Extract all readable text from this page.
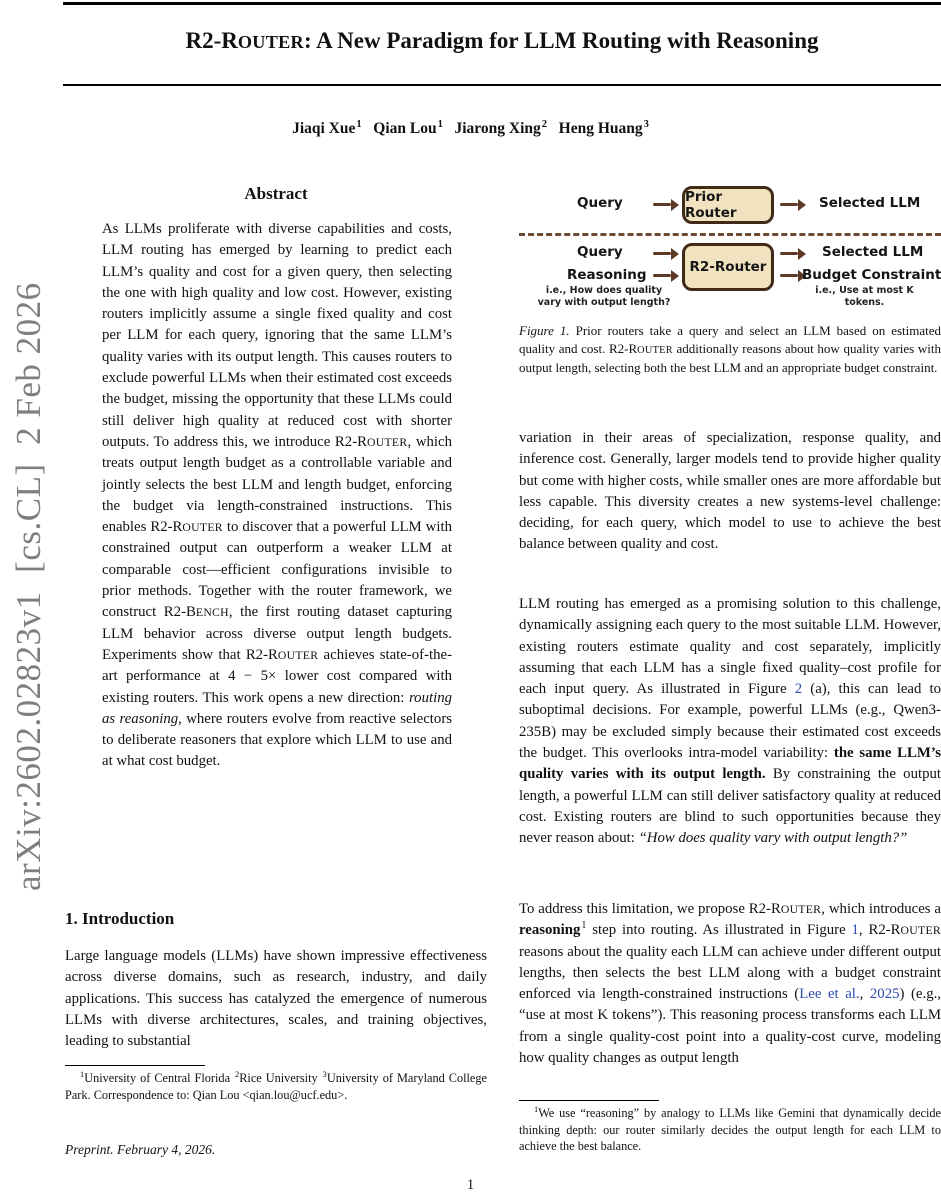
arXiv:2602.02823v1  [cs.CL]  2 Feb 2026
R2-ROUTER: A New Paradigm for LLM Routing with Reasoning
Jiaqi Xue$^1$ Qian Lou$^1$ Jiarong Xing$^2$ Heng Huang$^3$
Abstract
As LLMs proliferate with diverse capabilities and costs, LLM routing has emerged by learning to predict each LLM’s quality and cost for a given query, then selecting the one with high quality and low cost. However, existing routers implicitly assume a single fixed quality and cost per LLM for each query, ignoring that the same LLM’s quality varies with its output length. This causes routers to exclude powerful LLMs when their estimated cost exceeds the budget, missing the opportunity that these LLMs could still deliver high quality at reduced cost with shorter outputs. To address this, we introduce R2-ROUTER, which treats output length budget as a controllable variable and jointly selects the best LLM and length budget, enforcing the budget via length-constrained instructions. This enables R2-ROUTER to discover that a powerful LLM with constrained output can outperform a weaker LLM at comparable cost—efficient configurations invisible to prior methods. Together with the router framework, we construct R2-BENCH, the first routing dataset capturing LLM behavior across diverse output length budgets. Experiments show that R2-ROUTER achieves state-of-the-art performance at 4 − 5× lower cost compared with existing routers. This work opens a new direction: routing as reasoning, where routers evolve from reactive selectors to deliberate reasoners that explore which LLM to use and at what cost budget.
1. Introduction
Large language models (LLMs) have shown impressive effectiveness across diverse domains, such as research, industry, and daily applications. This success has catalyzed the emergence of numerous LLMs with diverse architectures, scales, and training objectives, leading to substantial
$^1$University of Central Florida $^2$Rice University $^3$University of Maryland College Park. Correspondence to: Qian Lou <qian.lou@ucf.edu>.
Preprint. February 4, 2026.
Query	Prior Router
Selected LLM
Query
Reasoning
i.e., How does quality
vary with output length?
R2-Router
Selected LLM
Budget Constraint
i.e., Use at most K
tokens.
Figure 1. Prior routers take a query and select an LLM based on estimated quality and cost. R2-ROUTER additionally reasons about how quality varies with output length, selecting both the best LLM and an appropriate budget constraint.
variation in their areas of specialization, response quality, and inference cost. Generally, larger models tend to provide higher quality but come with higher costs, while smaller ones are more affordable but less capable. This diversity creates a new systems-level challenge: deciding, for each query, which model to use to achieve the best balance between quality and cost.
LLM routing has emerged as a promising solution to this challenge, dynamically assigning each query to the most suitable LLM. However, existing routers estimate quality and cost separately, implicitly assuming that each LLM has a single fixed quality–cost profile for each input query. As illustrated in Figure 2 (a), this can lead to suboptimal decisions. For example, powerful LLMs (e.g., Qwen3-235B) may be excluded simply because their estimated cost exceeds the budget. This overlooks intra-model variability: the same LLM’s quality varies with its output length. By constraining the output length, a powerful LLM can still deliver satisfactory quality at reduced cost. Existing routers are blind to such opportunities because they never reason about: “How does quality vary with output length?”
To address this limitation, we propose R2-ROUTER, which introduces a reasoning$^1$ step into routing. As illustrated in Figure 1, R2-ROUTER reasons about the quality each LLM can achieve under different output lengths, then selects the best LLM along with a budget constraint enforced via length-constrained instructions (Lee et al., 2025) (e.g., “use at most K tokens”). This reasoning process transforms each LLM from a single quality-cost point into a quality-cost curve, modeling how quality changes as output length
$^1$We use “reasoning” by analogy to LLMs like Gemini that dynamically decide thinking depth: our router similarly decides the output length for each LLM to achieve the best balance.
1
